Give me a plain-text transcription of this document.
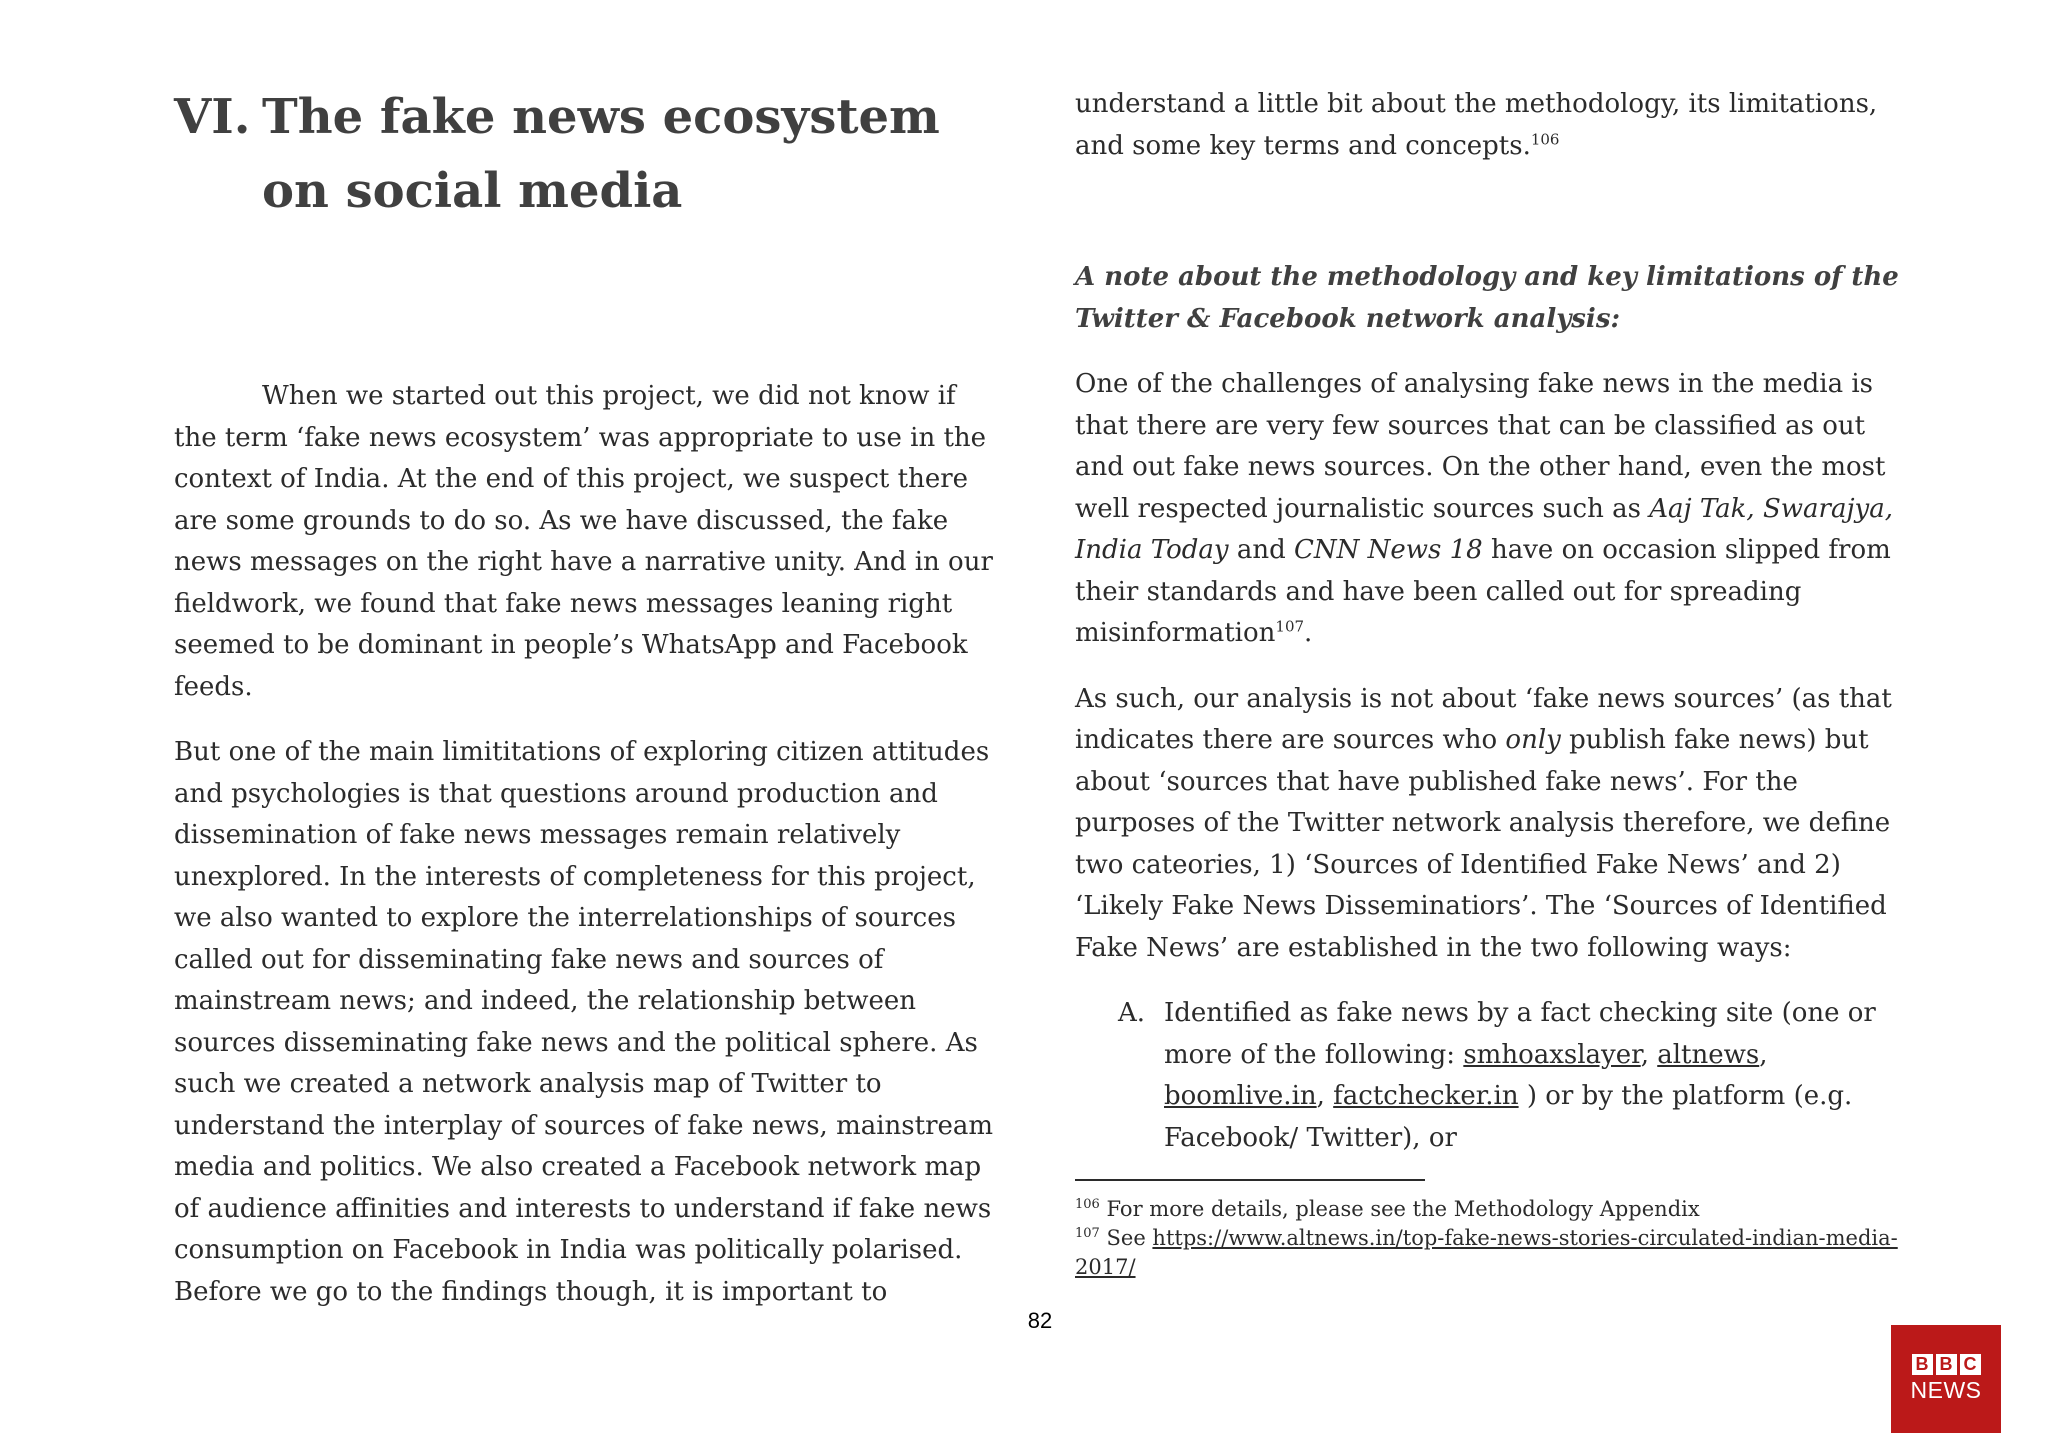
VI. The fake news ecosystem on social media

When we started out this project, we did not know if the term ‘fake news ecosystem’ was appropriate to use in the context of India. At the end of this project, we suspect there are some grounds to do so. As we have discussed, the fake news messages on the right have a narrative unity. And in our fieldwork, we found that fake news messages leaning right seemed to be dominant in people’s WhatsApp and Facebook feeds.

But one of the main limititations of exploring citizen attitudes and psychologies is that questions around production and dissemination of fake news messages remain relatively unexplored. In the interests of completeness for this project, we also wanted to explore the interrelationships of sources called out for disseminating fake news and sources of mainstream news; and indeed, the relationship between sources disseminating fake news and the political sphere. As such we created a network analysis map of Twitter to understand the interplay of sources of fake news, mainstream media and politics. We also created a Facebook network map of audience affinities and interests to understand if fake news consumption on Facebook in India was politically polarised. Before we go to the findings though, it is important to

understand a little bit about the methodology, its limitations, and some key terms and concepts.$^{106}$

A note about the methodology and key limitations of the Twitter & Facebook network analysis:

One of the challenges of analysing fake news in the media is that there are very few sources that can be classified as out and out fake news sources. On the other hand, even the most well respected journalistic sources such as Aaj Tak, Swarajya, India Today and CNN News 18 have on occasion slipped from their standards and have been called out for spreading misinformation$^{107}$.

As such, our analysis is not about ‘fake news sources’ (as that indicates there are sources who only publish fake news) but about ‘sources that have published fake news’. For the purposes of the Twitter network analysis therefore, we define two cateories, 1) ‘Sources of Identified Fake News’ and 2) ‘Likely Fake News Disseminatiors’. The ‘Sources of Identified Fake News’ are established in the two following ways:

A. Identified as fake news by a fact checking site (one or more of the following: smhoaxslayer, altnews, boomlive.in, factchecker.in ) or by the platform (e.g. Facebook/ Twitter), or
$^{106}$ For more details, please see the Methodology Appendix
$^{107}$ See https://www.altnews.in/top-fake-news-stories-circulated-indian-media-2017/
82
B B C
NEWS
